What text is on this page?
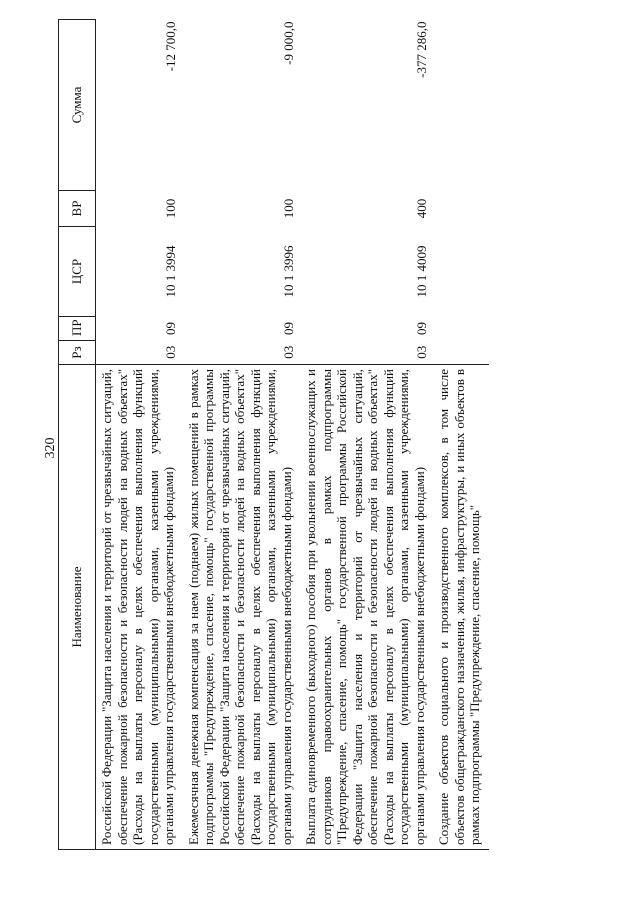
320
Наименование	Рз	ПР	ЦСР	ВР	Сумма
Российской Федерации "Защита населения и территорий от чрезвычайных ситуаций, обеспечение пожарной безопасности и безопасности людей на водных объектах" (Расходы на выплаты персоналу в целях обеспечения выполнения функций государственными (муниципальными) органами, казенными учреждениями, органами управления государственными внебюджетными фондами)	03	09	10 1 3994	100	-12 700,0
Ежемесячная денежная компенсация за наем (поднаем) жилых помещений в рамках подпрограммы "Предупреждение, спасение, помощь" государственной программы Российской Федерации "Защита населения и территорий от чрезвычайных ситуаций, обеспечение пожарной безопасности и безопасности людей на водных объектах" (Расходы на выплаты персоналу в целях обеспечения выполнения функций государственными (муниципальными) органами, казенными учреждениями, органами управления государственными внебюджетными фондами)	03	09	10 1 3996	100	-9 000,0
Выплата единовременного (выходного) пособия при увольнении военнослужащих и сотрудников правоохранительных органов в рамках подпрограммы "Предупреждение, спасение, помощь" государственной программы Российской Федерации "Защита населения и территорий от чрезвычайных ситуаций, обеспечение пожарной безопасности и безопасности людей на водных объектах" (Расходы на выплаты персоналу в целях обеспечения выполнения функций государственными (муниципальными) органами, казенными учреждениями, органами управления государственными внебюджетными фондами)	03	09	10 1 4009	400	-377 286,0
Создание объектов социального и производственного комплексов, в том числе объектов общегражданского назначения, жилья, инфраструктуры, и иных объектов в рамках подпрограммы "Предупреждение, спасение, помощь"					
